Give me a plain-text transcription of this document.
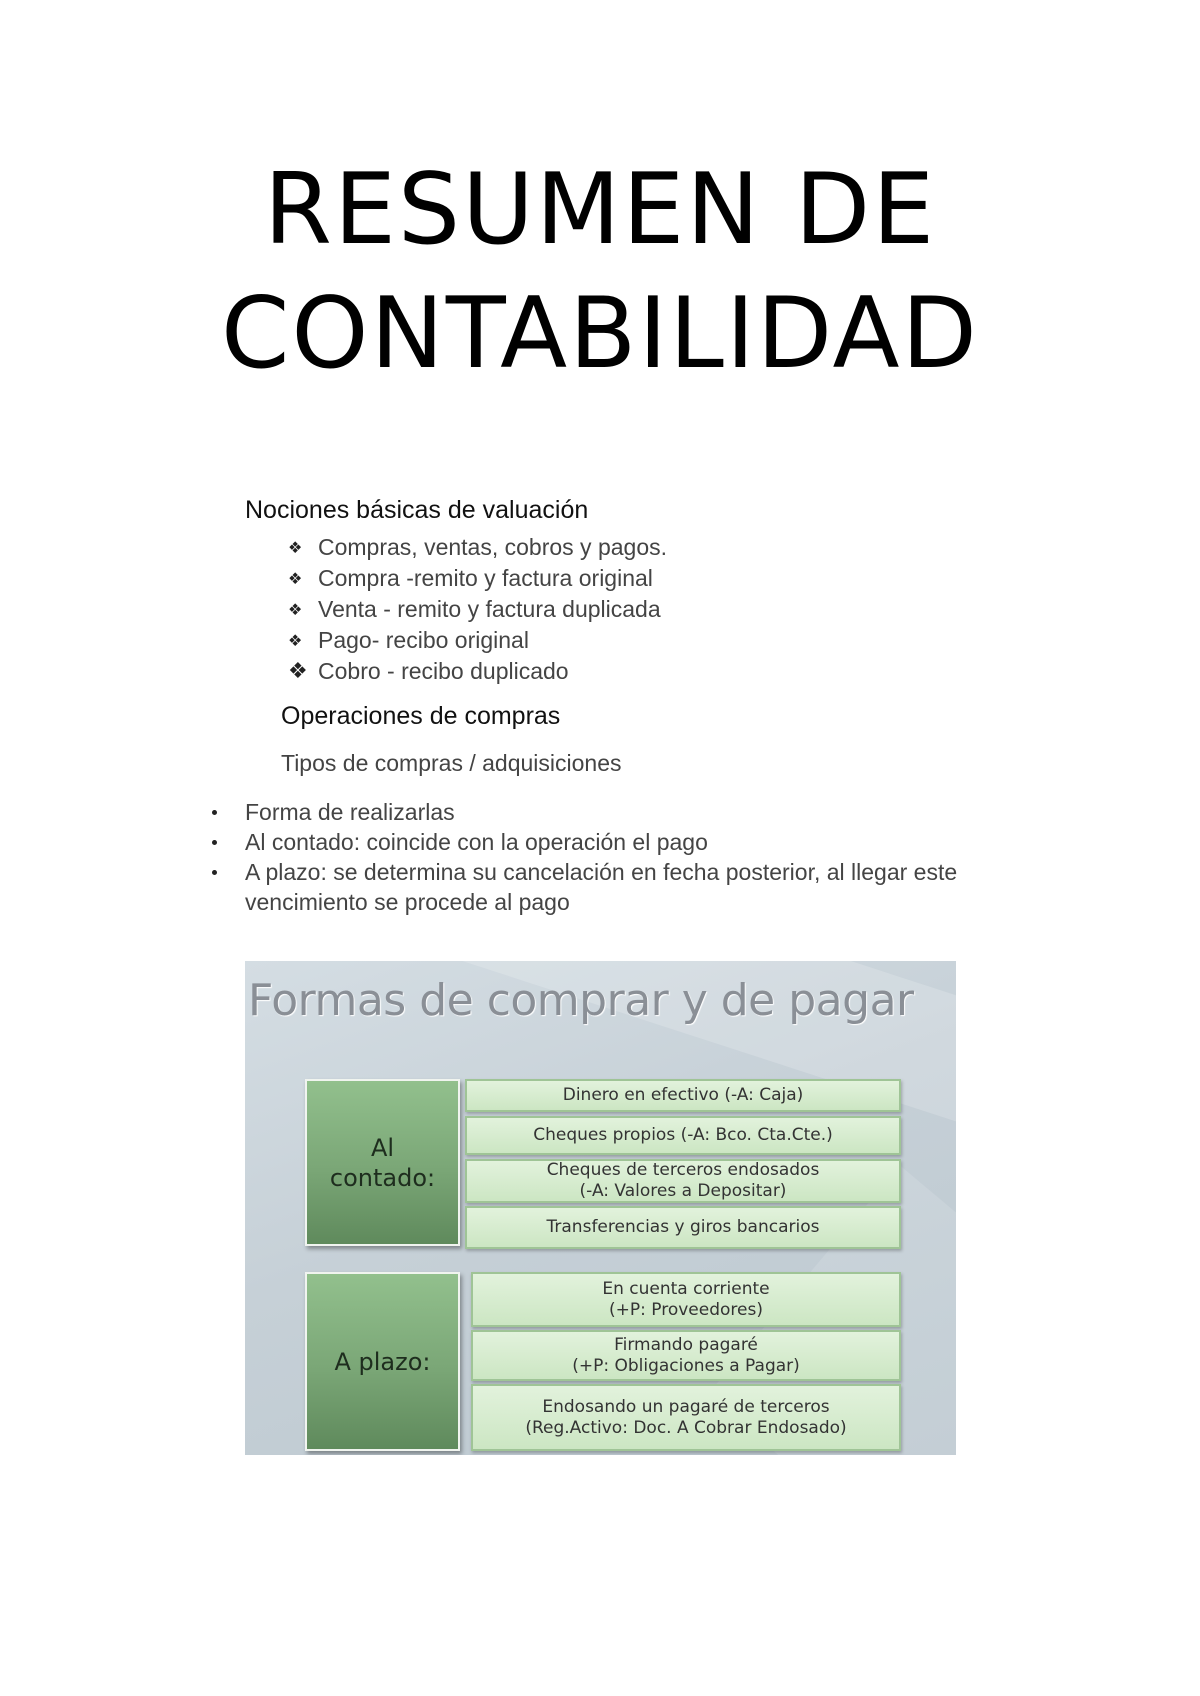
RESUMEN DE
CONTABILIDAD
Nociones básicas de valuación
❖ Compras, ventas, cobros y pagos.
❖ Compra -remito y factura original
❖ Venta - remito y factura duplicada
❖ Pago- recibo original
❖ Cobro - recibo duplicado
Operaciones de compras
Tipos de compras / adquisiciones
Forma de realizarlas
Al contado: coincide con la operación el pago
A plazo: se determina su cancelación en fecha posterior, al llegar este vencimiento se procede al pago
Formas de comprar y de pagar
Al contado:
Dinero en efectivo (-A: Caja)
Cheques propios (-A: Bco. Cta.Cte.)
Cheques de terceros endosados
(-A: Valores a Depositar)
Transferencias y giros bancarios
A plazo:
En cuenta corriente
(+P: Proveedores)
Firmando pagaré
(+P: Obligaciones a Pagar)
Endosando un pagaré de terceros
(Reg.Activo: Doc. A Cobrar Endosado)
